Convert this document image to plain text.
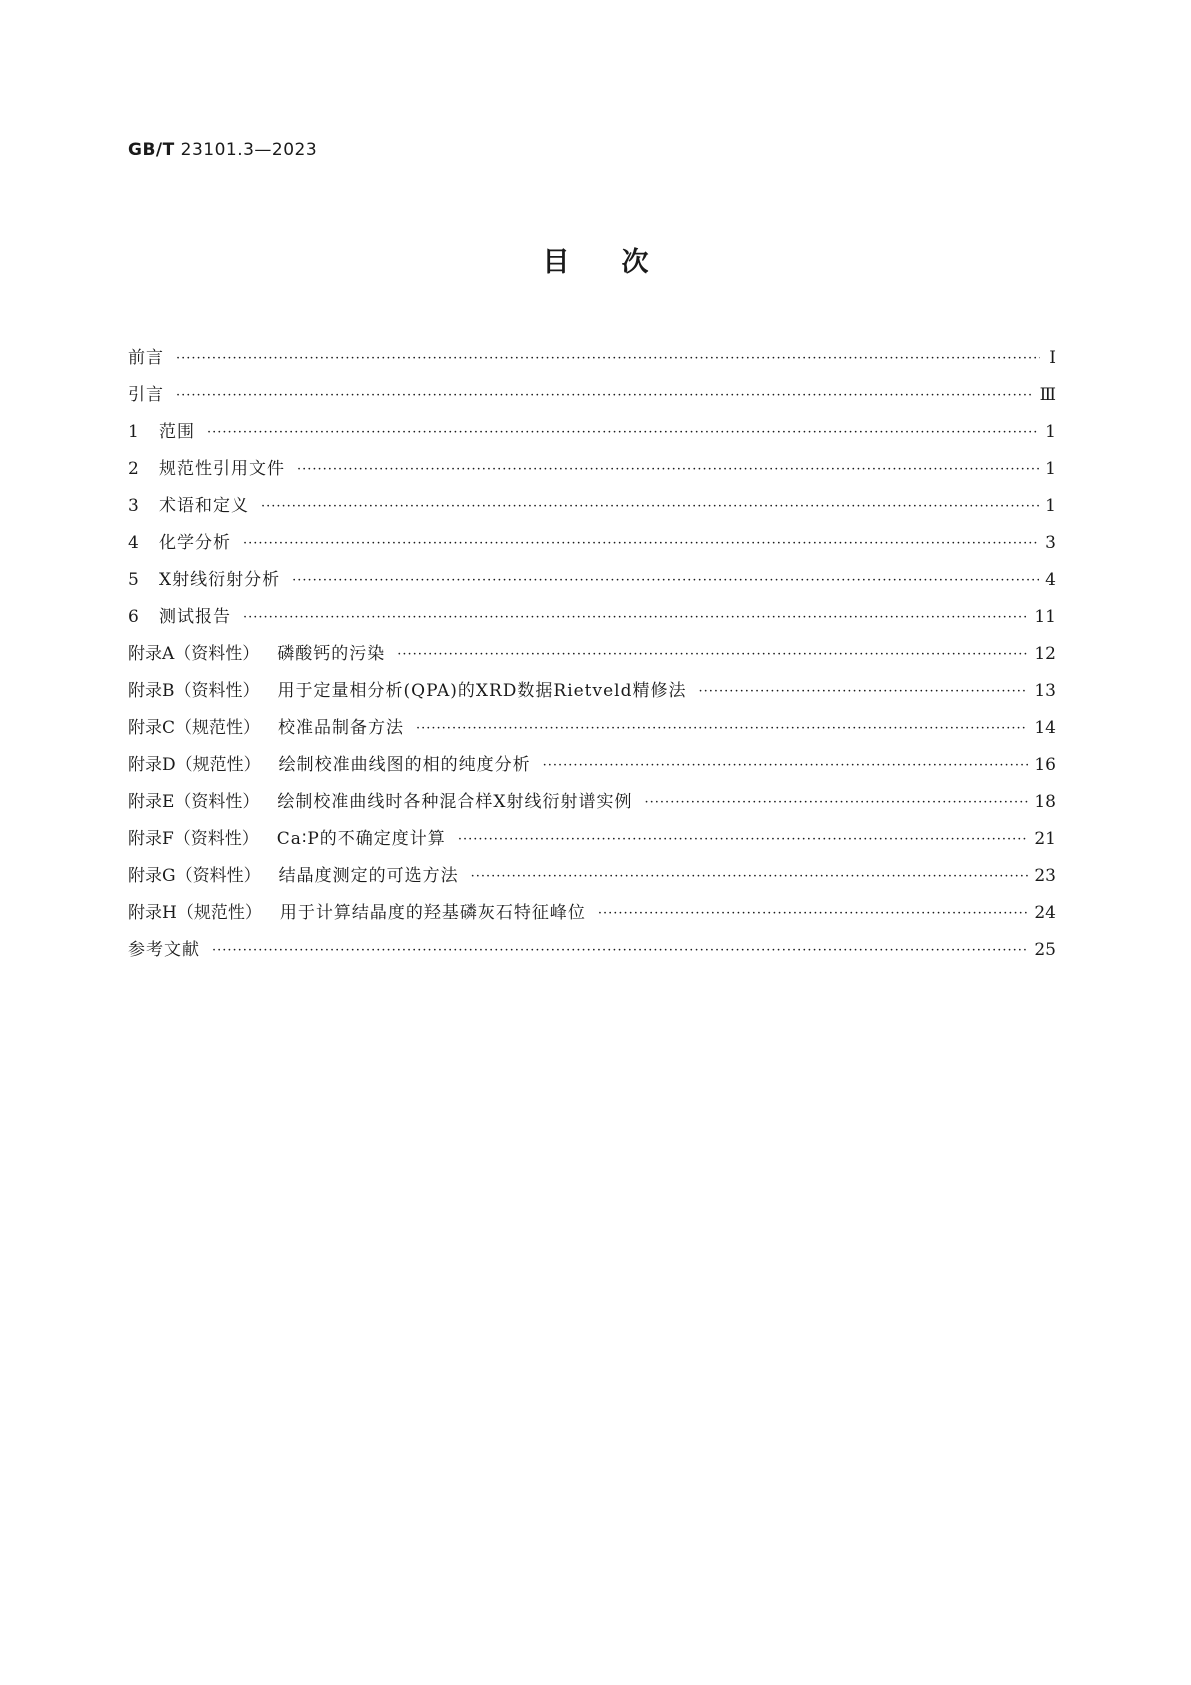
GB/T 23101.3—2023

目次
前言 ·····	Ⅰ
引言 ·····	Ⅲ
1	范围 ·····	1
2	规范性引用文件 ·····	1
3	术语和定义 ·····	1
4	化学分析 ·····	3
5	X射线衍射分析 ·····	4
6	测试报告 ·····	11
附录A（资料性） 磷酸钙的污染 ·····	12
附录B（资料性） 用于定量相分析(QPA)的XRD数据Rietveld精修法 ·····	13
附录C（规范性） 校准品制备方法 ·····	14
附录D（规范性） 绘制校准曲线图的相的纯度分析 ·····	16
附录E（资料性） 绘制校准曲线时各种混合样X射线衍射谱实例 ·····	18
附录F（资料性） Ca∶P的不确定度计算 ·····	21
附录G（资料性） 结晶度测定的可选方法 ·····	23
附录H（规范性） 用于计算结晶度的羟基磷灰石特征峰位 ·····	24
参考文献 ·····	25
